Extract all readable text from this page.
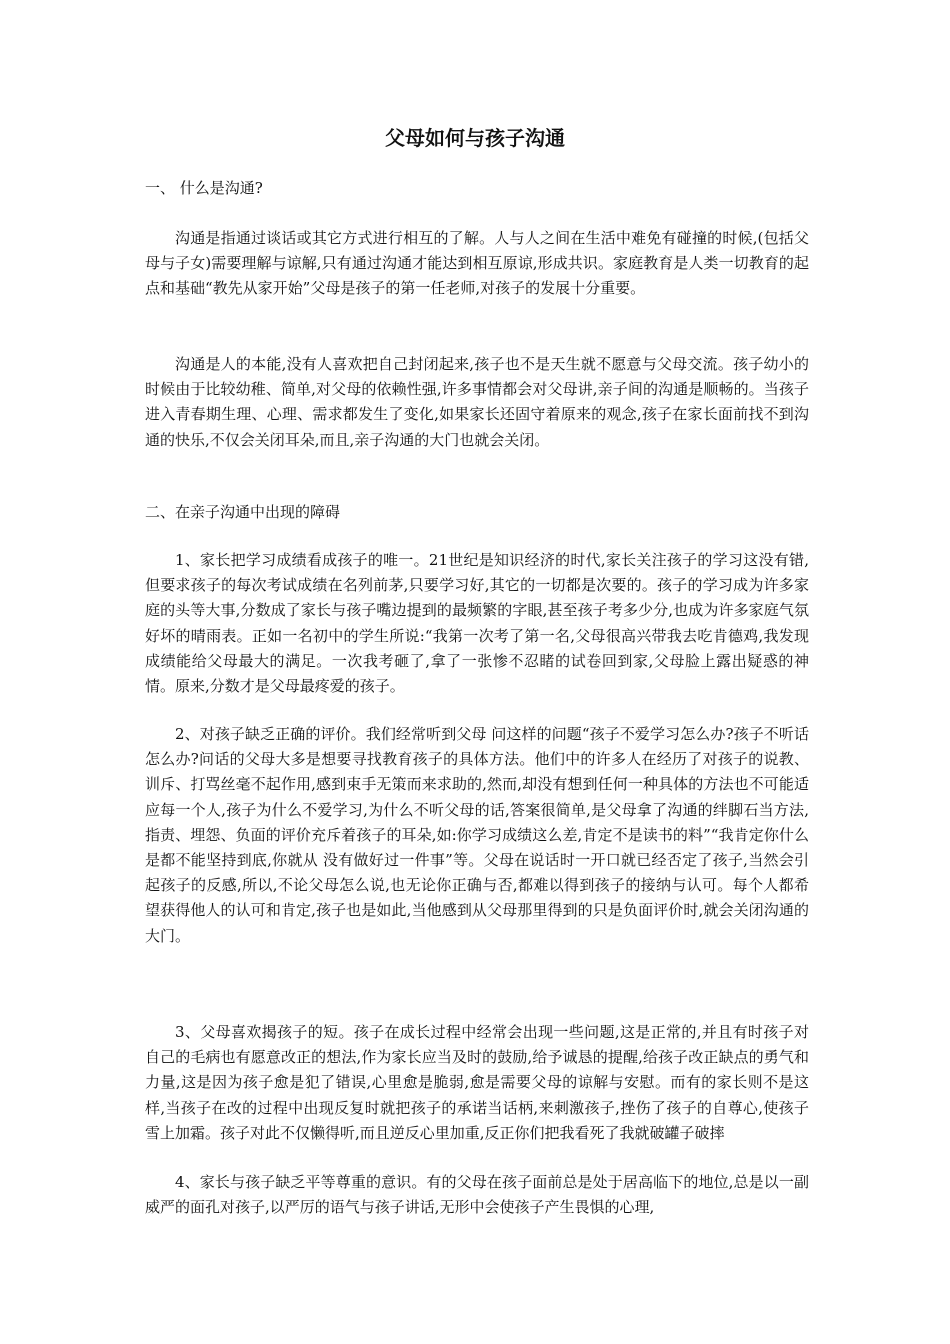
父母如何与孩子沟通
一、 什么是沟通?
沟通是指通过谈话或其它方式进行相互的了解。人与人之间在生活中难免有碰撞的时候,(包括父母与子女)需要理解与谅解,只有通过沟通才能达到相互原谅,形成共识。家庭教育是人类一切教育的起点和基础“教先从家开始”父母是孩子的第一任老师,对孩子的发展十分重要。
沟通是人的本能,没有人喜欢把自己封闭起来,孩子也不是天生就不愿意与父母交流。孩子幼小的时候由于比较幼稚、简单,对父母的依赖性强,许多事情都会对父母讲,亲子间的沟通是顺畅的。当孩子进入青春期生理、心理、需求都发生了变化,如果家长还固守着原来的观念,孩子在家长面前找不到沟通的快乐,不仅会关闭耳朵,而且,亲子沟通的大门也就会关闭。
二、在亲子沟通中出现的障碍
1、家长把学习成绩看成孩子的唯一。21世纪是知识经济的时代,家长关注孩子的学习这没有错,但要求孩子的每次考试成绩在名列前茅,只要学习好,其它的一切都是次要的。孩子的学习成为许多家庭的头等大事,分数成了家长与孩子嘴边提到的最频繁的字眼,甚至孩子考多少分,也成为许多家庭气氛好坏的晴雨表。正如一名初中的学生所说:“我第一次考了第一名,父母很高兴带我去吃肯德鸡,我发现成绩能给父母最大的满足。一次我考砸了,拿了一张惨不忍睹的试卷回到家,父母脸上露出疑惑的神情。原来,分数才是父母最疼爱的孩子。
2、对孩子缺乏正确的评价。我们经常听到父母 问这样的问题“孩子不爱学习怎么办?孩子不听话怎么办?问话的父母大多是想要寻找教育孩子的具体方法。他们中的许多人在经历了对孩子的说教、训斥、打骂丝毫不起作用,感到束手无策而来求助的,然而,却没有想到任何一种具体的方法也不可能适应每一个人,孩子为什么不爱学习,为什么不听父母的话,答案很简单,是父母拿了沟通的绊脚石当方法,指责、埋怨、负面的评价充斥着孩子的耳朵,如:你学习成绩这么差,肯定不是读书的料”“我肯定你什么是都不能坚持到底,你就从 没有做好过一件事”等。父母在说话时一开口就已经否定了孩子,当然会引起孩子的反感,所以,不论父母怎么说,也无论你正确与否,都难以得到孩子的接纳与认可。每个人都希望获得他人的认可和肯定,孩子也是如此,当他感到从父母那里得到的只是负面评价时,就会关闭沟通的大门。
3、父母喜欢揭孩子的短。孩子在成长过程中经常会出现一些问题,这是正常的,并且有时孩子对自己的毛病也有愿意改正的想法,作为家长应当及时的鼓励,给予诚恳的提醒,给孩子改正缺点的勇气和力量,这是因为孩子愈是犯了错误,心里愈是脆弱,愈是需要父母的谅解与安慰。而有的家长则不是这样,当孩子在改的过程中出现反复时就把孩子的承诺当话柄,来刺激孩子,挫伤了孩子的自尊心,使孩子雪上加霜。孩子对此不仅懒得听,而且逆反心里加重,反正你们把我看死了我就破罐子破摔
4、家长与孩子缺乏平等尊重的意识。有的父母在孩子面前总是处于居高临下的地位,总是以一副威严的面孔对孩子,以严厉的语气与孩子讲话,无形中会使孩子产生畏惧的心理,
